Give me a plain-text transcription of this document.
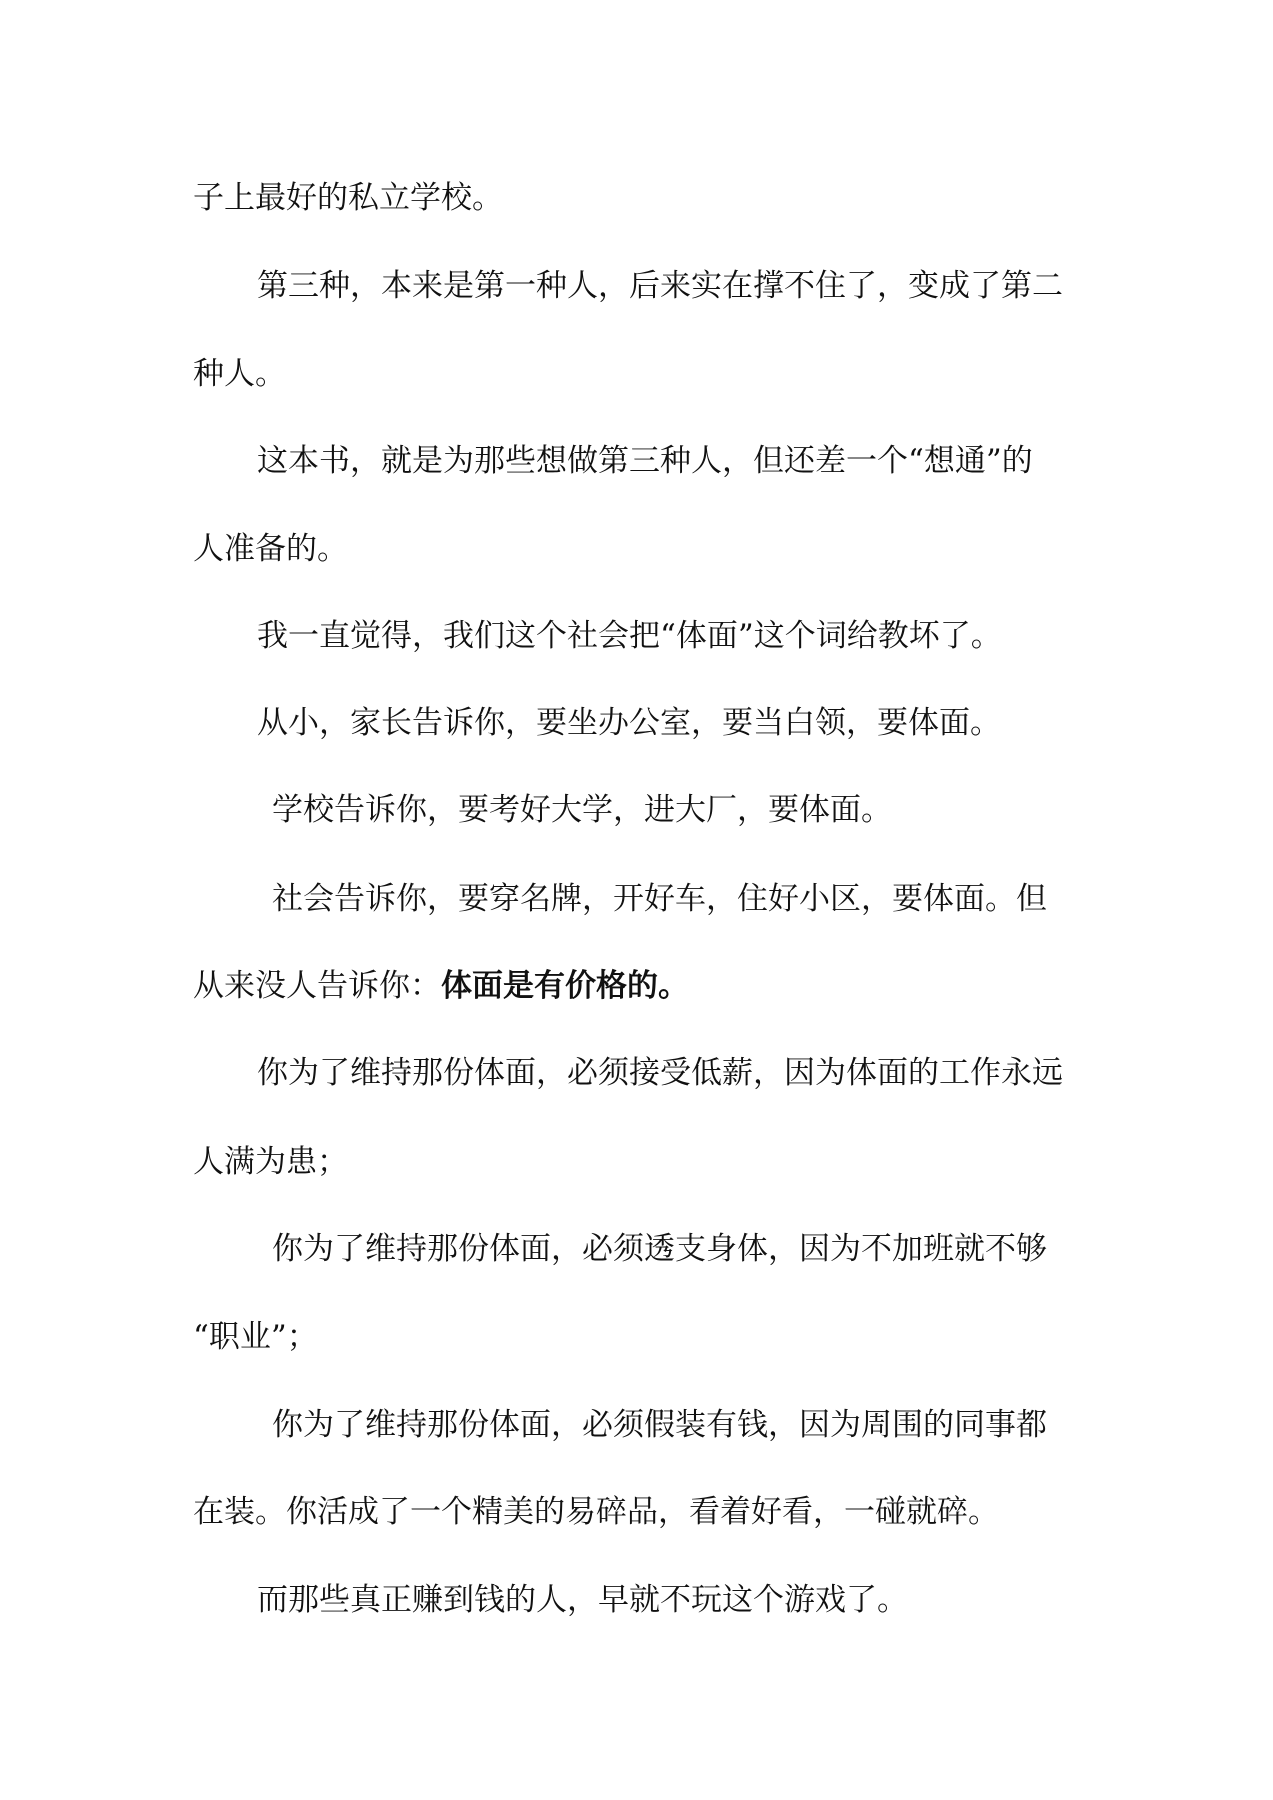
子上最好的私立学校。

第三种，本来是第一种人，后来实在撑不住了，变成了第二

种人。

这本书，就是为那些想做第三种人，但还差一个“想通”的

人准备的。

我一直觉得，我们这个社会把“体面”这个词给教坏了。

从小，家长告诉你，要坐办公室，要当白领，要体面。

学校告诉你，要考好大学，进大厂，要体面。

社会告诉你，要穿名牌，开好车，住好小区，要体面。但

从来没人告诉你：体面是有价格的。

你为了维持那份体面，必须接受低薪，因为体面的工作永远

人满为患；

你为了维持那份体面，必须透支身体，因为不加班就不够

“职业”；

你为了维持那份体面，必须假装有钱，因为周围的同事都

在装。你活成了一个精美的易碎品，看着好看，一碰就碎。

而那些真正赚到钱的人，早就不玩这个游戏了。
